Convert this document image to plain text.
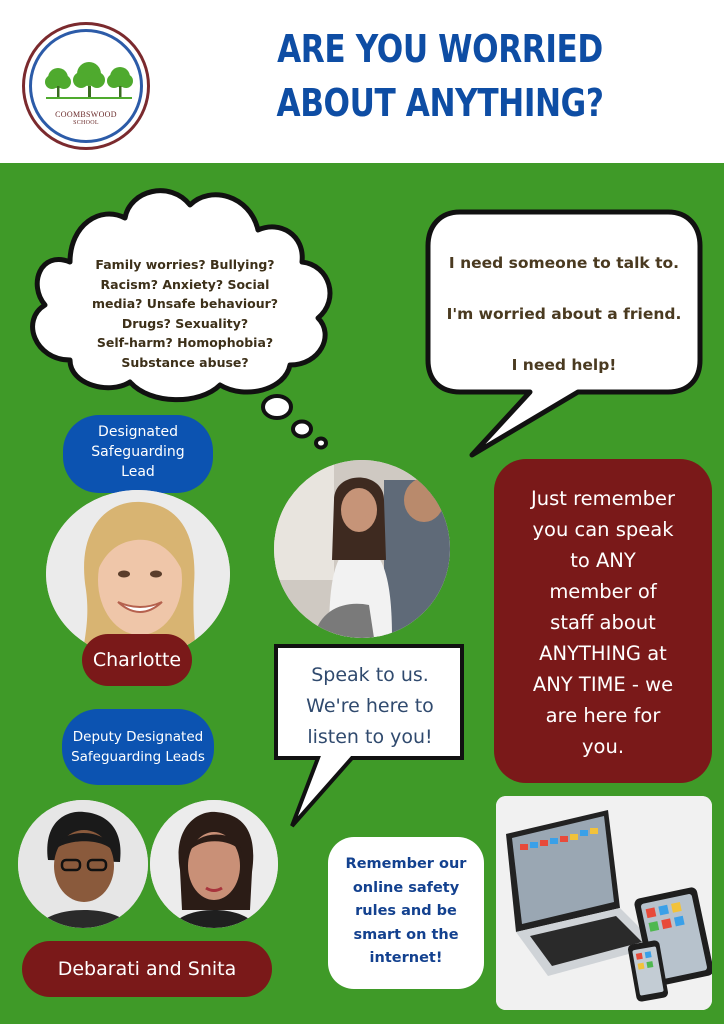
COOMBSWOOD
SCHOOL
ARE YOU WORRIED
ABOUT ANYTHING?
Family worries? Bullying?
Racism? Anxiety? Social
media? Unsafe behaviour?
Drugs? Sexuality?
Self-harm? Homophobia?
Substance abuse?
I need someone to talk to.
I'm worried about a friend.
I need help!
Designated
Safeguarding
Lead
Charlotte
Just remember
you can speak
to ANY
member of
staff about
ANYTHING at
ANY TIME - we
are here for
you.
Speak to us.
We're here to
listen to you!
Deputy Designated
Safeguarding Leads
Debarati and Snita
Remember our
online safety
rules and be
smart on the
internet!
